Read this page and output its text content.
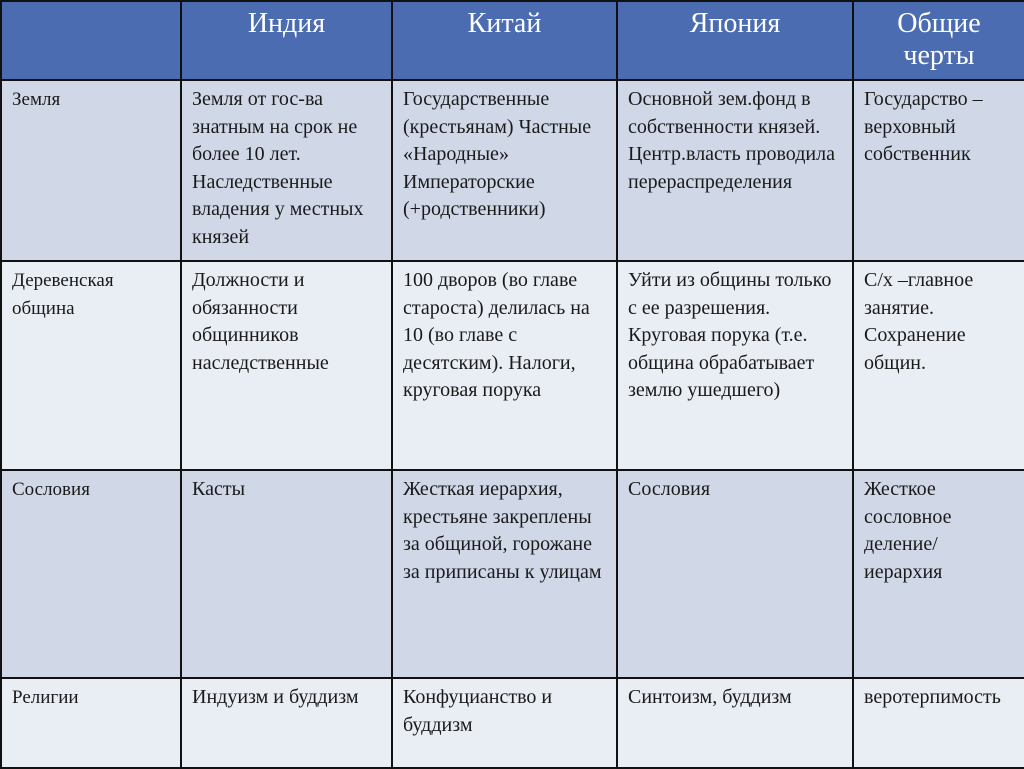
	Индия	Китай	Япония	Общие черты
Земля	Земля от гос-ва знатным на срок не более 10 лет. Наследственные владения у местных князей	Государственные (крестьянам) Частные «Народные» Императорские (+родственники)	Основной зем.фонд в собственности князей. Центр.власть проводила перераспределения	Государство – верховный собственник
Деревенская община	Должности и обязанности общинников наследственные	100 дворов (во главе староста) делилась на 10 (во главе с десятским). Налоги, круговая порука	Уйти из общины только с ее разрешения. Круговая порука (т.е. община обрабатывает землю ушедшего)	С/х –главное занятие. Сохранение общин.
Сословия	Касты	Жесткая иерархия, крестьяне закреплены за общиной, горожане за приписаны к улицам	Сословия	Жесткое сословное деление/иерархия
Религии	Индуизм и буддизм	Конфуцианство и буддизм	Синтоизм, буддизм	веротерпимость
